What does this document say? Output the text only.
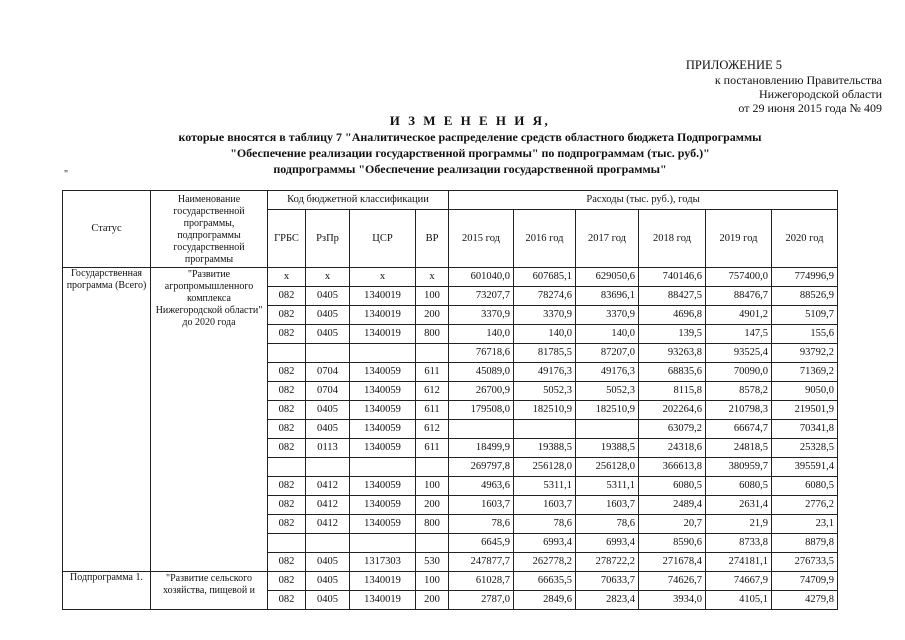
ПРИЛОЖЕНИЕ 5
к постановлению Правительства
Нижегородской области
от 29 июня 2015 года № 409
И З М Е Н Е Н И Я,
которые вносятся в таблицу 7 "Аналитическое распределение средств областного бюджета Подпрограммы
"Обеспечение реализации государственной программы" по подпрограммам (тыс. руб.)"
подпрограммы "Обеспечение реализации государственной программы"
"
Статус	Наименование государственной программы, подпрограммы государственной программы	Код бюджетной классификации				Расходы (тыс. руб.), годы					
		ГРБС	РзПр	ЦСР	ВР	2015 год	2016 год	2017 год	2018 год	2019 год	2020 год
Государственная программа (Всего)	"Развитие агропромышленного комплекса Нижегородской области" до 2020 года	x	x	x	x	601040,0	607685,1	629050,6	740146,6	757400,0	774996,9
		082	0405	1340019	100	73207,7	78274,6	83696,1	88427,5	88476,7	88526,9
		082	0405	1340019	200	3370,9	3370,9	3370,9	4696,8	4901,2	5109,7
		082	0405	1340019	800	140,0	140,0	140,0	139,5	147,5	155,6
						76718,6	81785,5	87207,0	93263,8	93525,4	93792,2
		082	0704	1340059	611	45089,0	49176,3	49176,3	68835,6	70090,0	71369,2
		082	0704	1340059	612	26700,9	5052,3	5052,3	8115,8	8578,2	9050,0
		082	0405	1340059	611	179508,0	182510,9	182510,9	202264,6	210798,3	219501,9
		082	0405	1340059	612				63079,2	66674,7	70341,8
		082	0113	1340059	611	18499,9	19388,5	19388,5	24318,6	24818,5	25328,5
						269797,8	256128,0	256128,0	366613,8	380959,7	395591,4
		082	0412	1340059	100	4963,6	5311,1	5311,1	6080,5	6080,5	6080,5
		082	0412	1340059	200	1603,7	1603,7	1603,7	2489,4	2631,4	2776,2
		082	0412	1340059	800	78,6	78,6	78,6	20,7	21,9	23,1
						6645,9	6993,4	6993,4	8590,6	8733,8	8879,8
		082	0405	1317303	530	247877,7	262778,2	278722,2	271678,4	274181,1	276733,5
Подпрограмма 1.	"Развитие сельского хозяйства, пищевой и	082	0405	1340019	100	61028,7	66635,5	70633,7	74626,7	74667,9	74709,9
		082	0405	1340019	200	2787,0	2849,6	2823,4	3934,0	4105,1	4279,8
